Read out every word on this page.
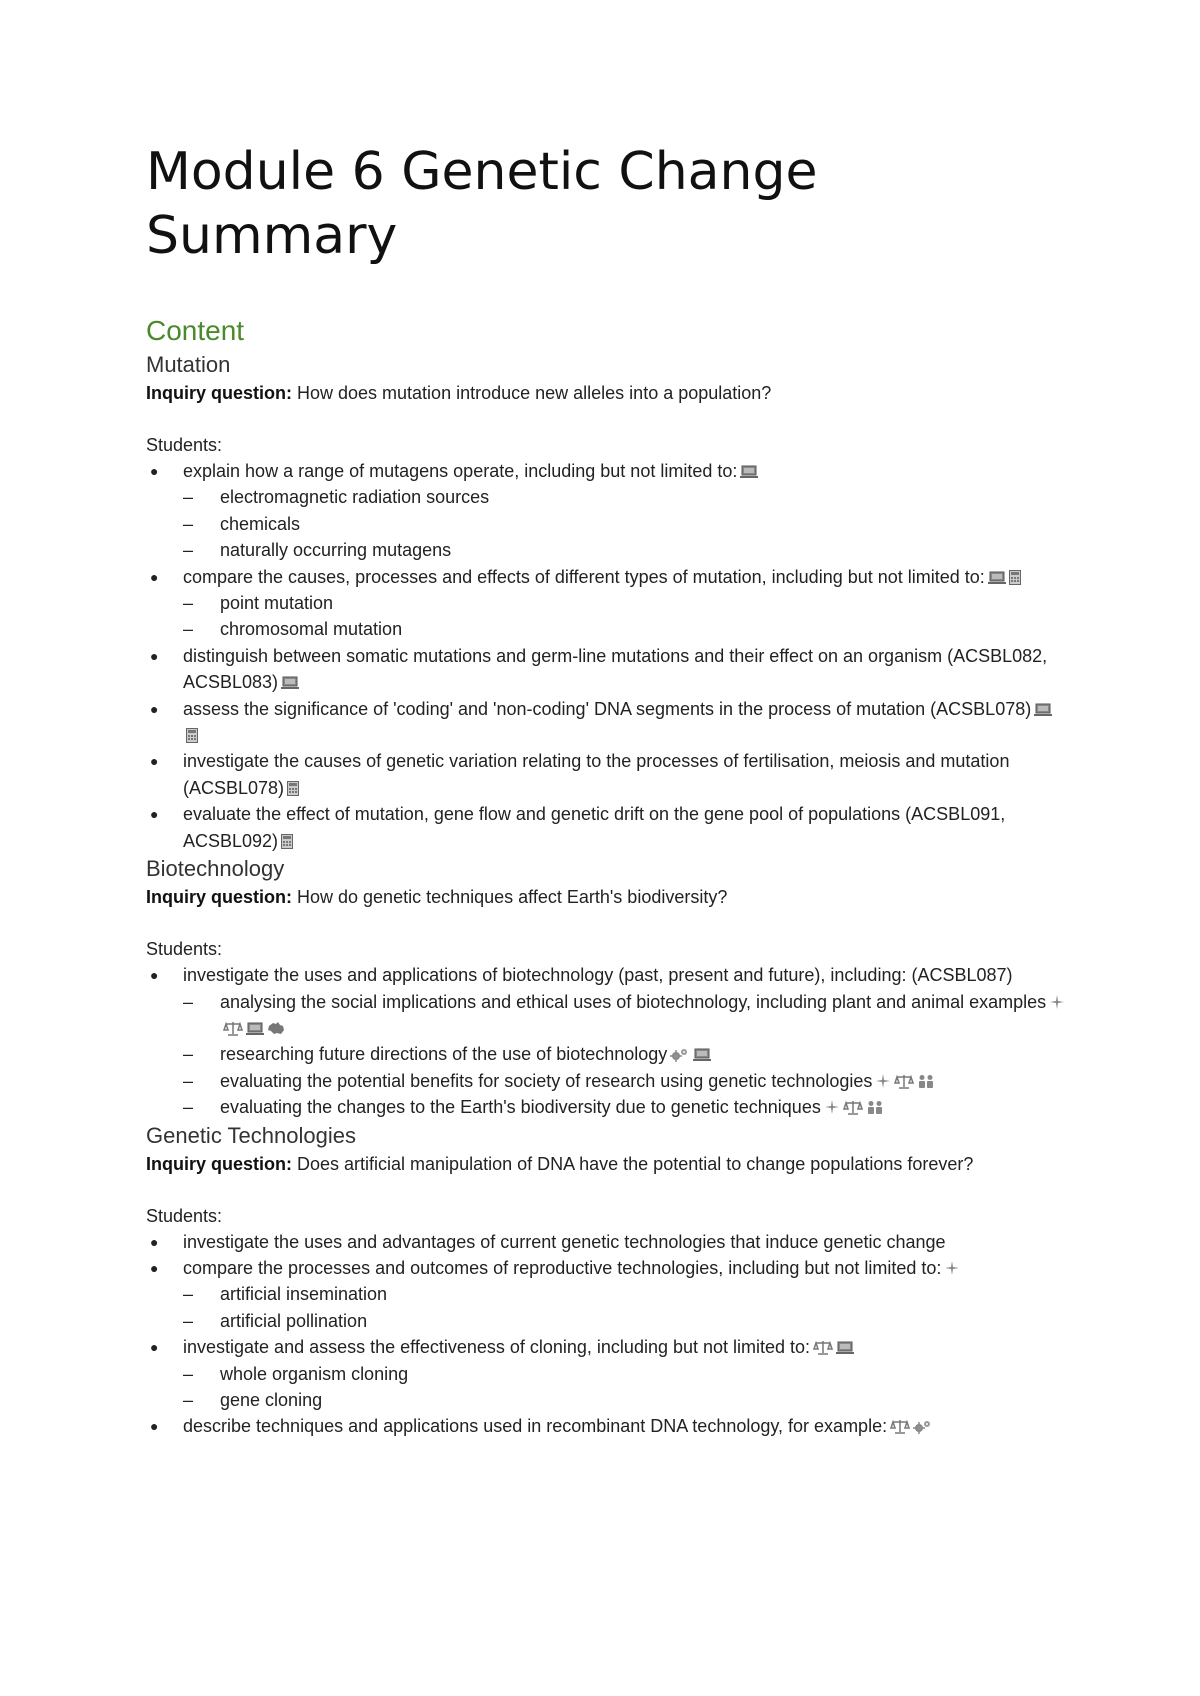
Module 6 Genetic Change Summary
Content
Mutation

Inquiry question: How does mutation introduce new alleles into a population?

Students:

● explain how a range of mutagens operate, including but not limited to:
– electromagnetic radiation sources
– chemicals
– naturally occurring mutagens
● compare the causes, processes and effects of different types of mutation, including but not limited to:
– point mutation
– chromosomal mutation
● distinguish between somatic mutations and germ-line mutations and their effect on an organism (ACSBL082, ACSBL083)
● assess the significance of 'coding' and 'non-coding' DNA segments in the process of mutation (ACSBL078)
● investigate the causes of genetic variation relating to the processes of fertilisation, meiosis and mutation (ACSBL078)
● evaluate the effect of mutation, gene flow and genetic drift on the gene pool of populations (ACSBL091, ACSBL092)
Biotechnology

Inquiry question: How do genetic techniques affect Earth's biodiversity?

Students:

● investigate the uses and applications of biotechnology (past, present and future), including: (ACSBL087)
– analysing the social implications and ethical uses of biotechnology, including plant and animal examples
– researching future directions of the use of biotechnology
– evaluating the potential benefits for society of research using genetic technologies
– evaluating the changes to the Earth's biodiversity due to genetic techniques
Genetic Technologies

Inquiry question: Does artificial manipulation of DNA have the potential to change populations forever?

Students:

● investigate the uses and advantages of current genetic technologies that induce genetic change
● compare the processes and outcomes of reproductive technologies, including but not limited to:
– artificial insemination
– artificial pollination
● investigate and assess the effectiveness of cloning, including but not limited to:
– whole organism cloning
– gene cloning
● describe techniques and applications used in recombinant DNA technology, for example:
